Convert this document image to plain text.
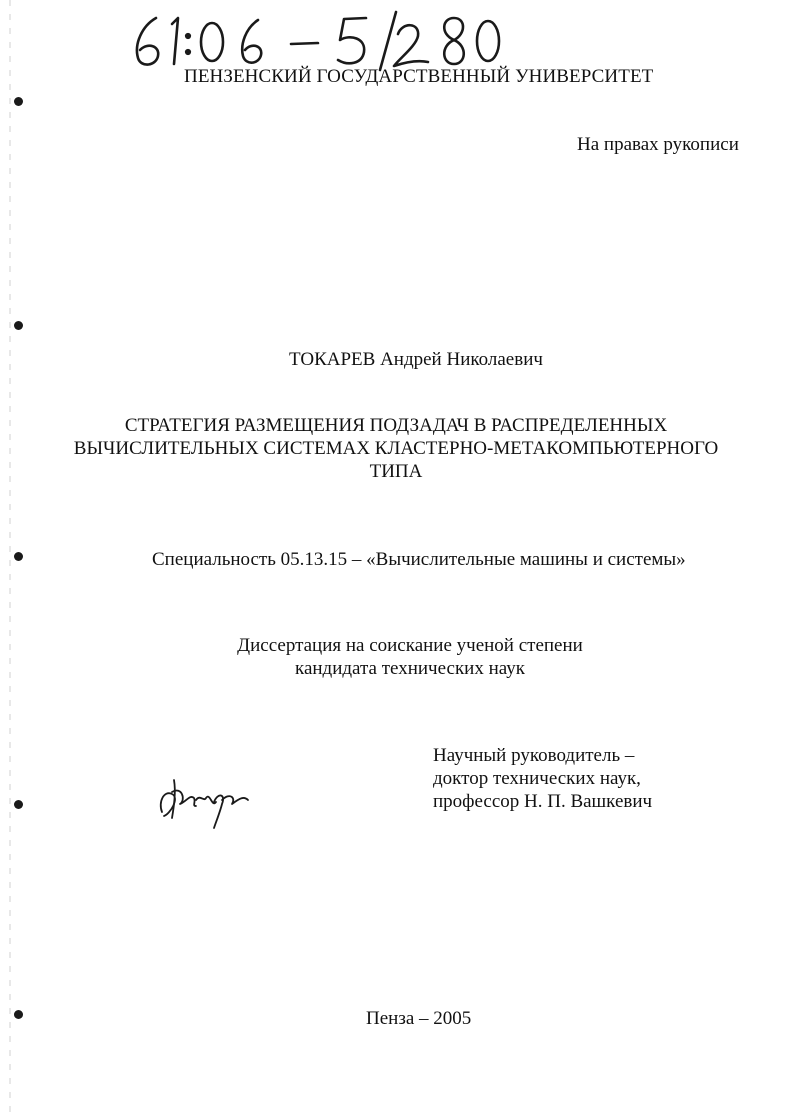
ПЕНЗЕНСКИЙ ГОСУДАРСТВЕННЫЙ УНИВЕРСИТЕТ
На правах рукописи
ТОКАРЕВ Андрей Николаевич
СТРАТЕГИЯ РАЗМЕЩЕНИЯ ПОДЗАДАЧ В РАСПРЕДЕЛЕННЫХ
ВЫЧИСЛИТЕЛЬНЫХ СИСТЕМАХ КЛАСТЕРНО-МЕТАКОМПЬЮТЕРНОГО
ТИПА
Специальность 05.13.15 – «Вычислительные машины и системы»
Диссертация на соискание ученой степени
кандидата технических наук
Научный руководитель –
доктор технических наук,
профессор Н. П. Вашкевич
Пенза – 2005
